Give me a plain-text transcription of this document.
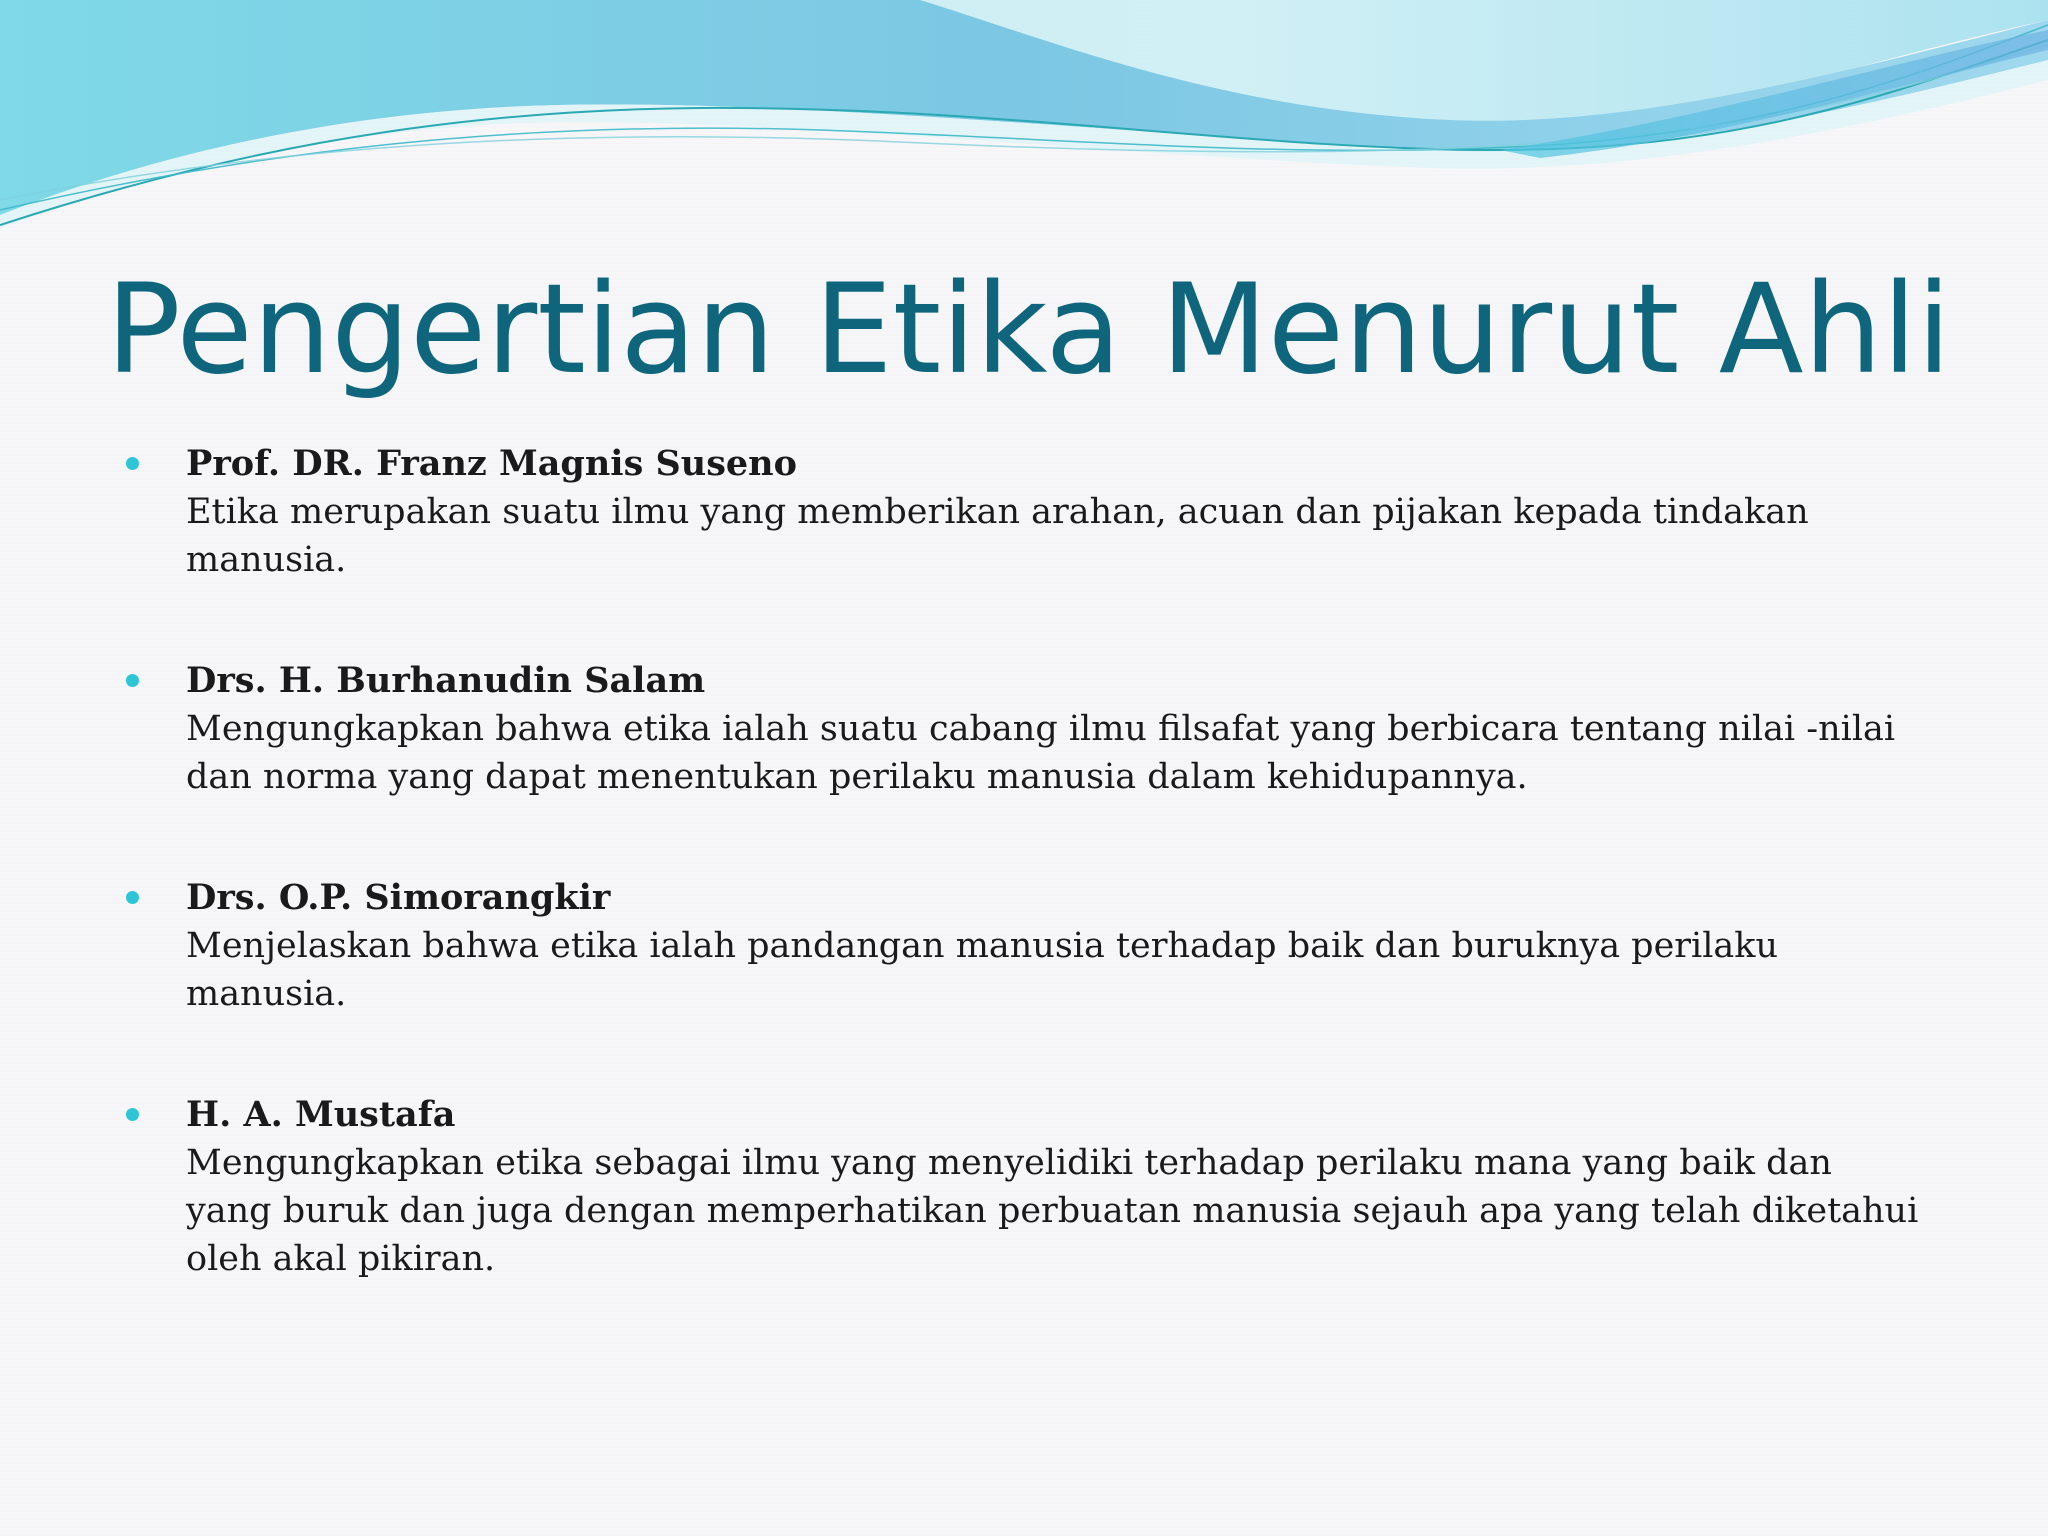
Pengertian Etika Menurut Ahli
Prof. DR. Franz Magnis Suseno
Etika merupakan suatu ilmu yang memberikan arahan, acuan dan pijakan kepada tindakan manusia.
Drs. H. Burhanudin Salam
Mengungkapkan bahwa etika ialah suatu cabang ilmu filsafat yang berbicara tentang nilai -nilai dan norma yang dapat menentukan perilaku manusia dalam kehidupannya.
Drs. O.P. Simorangkir
Menjelaskan bahwa etika ialah pandangan manusia terhadap baik dan buruknya perilaku manusia.
H. A. Mustafa
Mengungkapkan etika sebagai ilmu yang menyelidiki terhadap perilaku mana yang baik dan yang buruk dan juga dengan memperhatikan perbuatan manusia sejauh apa yang telah diketahui oleh akal pikiran.
